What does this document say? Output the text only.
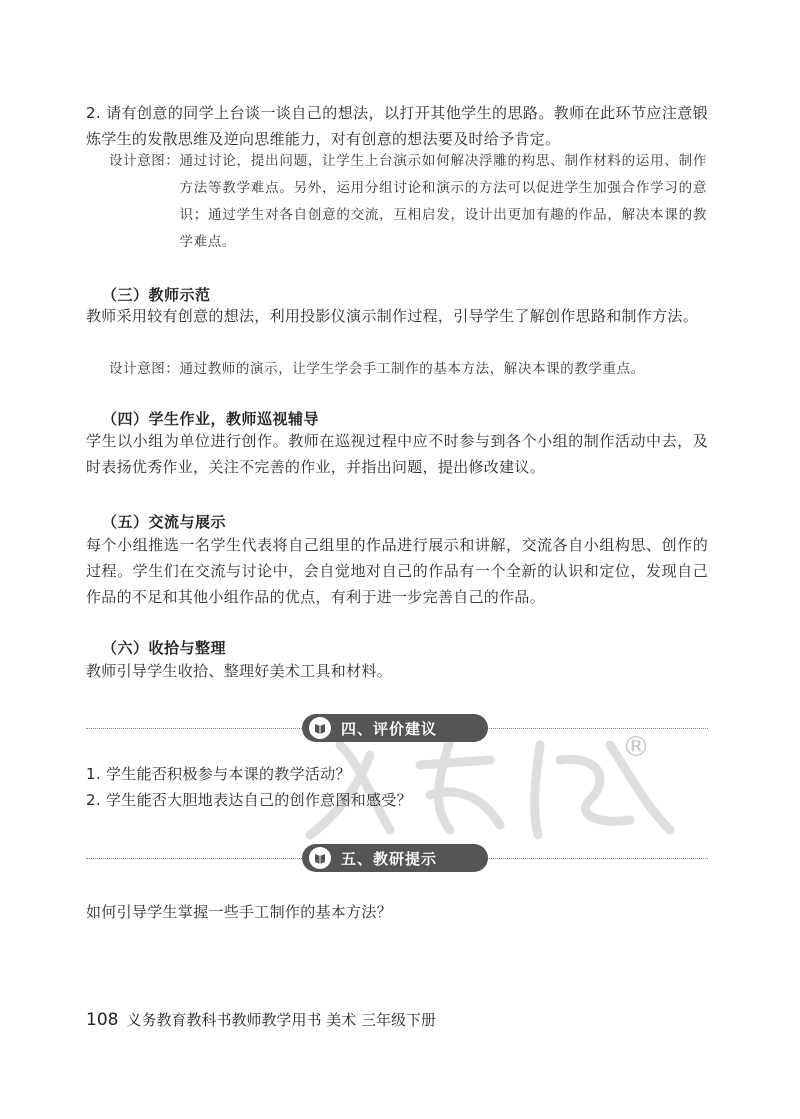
2. 请有创意的同学上台谈一谈自己的想法，以打开其他学生的思路。教师在此环节应注意锻炼学生的发散思维及逆向思维能力，对有创意的想法要及时给予肯定。

设计意图： 通过讨论，提出问题，让学生上台演示如何解决浮雕的构思、制作材料的运用、制作方法等教学难点。另外，运用分组讨论和演示的方法可以促进学生加强合作学习的意识；通过学生对各自创意的交流，互相启发，设计出更加有趣的作品，解决本课的教学难点。
（三）教师示范

教师采用较有创意的想法，利用投影仪演示制作过程，引导学生了解创作思路和制作方法。

设计意图： 通过教师的演示，让学生学会手工制作的基本方法，解决本课的教学重点。
（四）学生作业，教师巡视辅导

学生以小组为单位进行创作。教师在巡视过程中应不时参与到各个小组的制作活动中去，及时表扬优秀作业，关注不完善的作业，并指出问题，提出修改建议。

（五）交流与展示

每个小组推选一名学生代表将自己组里的作品进行展示和讲解，交流各自小组构思、创作的过程。学生们在交流与讨论中，会自觉地对自己的作品有一个全新的认识和定位，发现自己作品的不足和其他小组作品的优点，有利于进一步完善自己的作品。

（六）收拾与整理

教师引导学生收拾、整理好美术工具和材料。

®
四、评价建议

1. 学生能否积极参与本课的教学活动？

2. 学生能否大胆地表达自己的创作意图和感受？

五、教研提示

如何引导学生掌握一些手工制作的基本方法？

108 义务教育教科书教师教学用书 美术 三年级下册
